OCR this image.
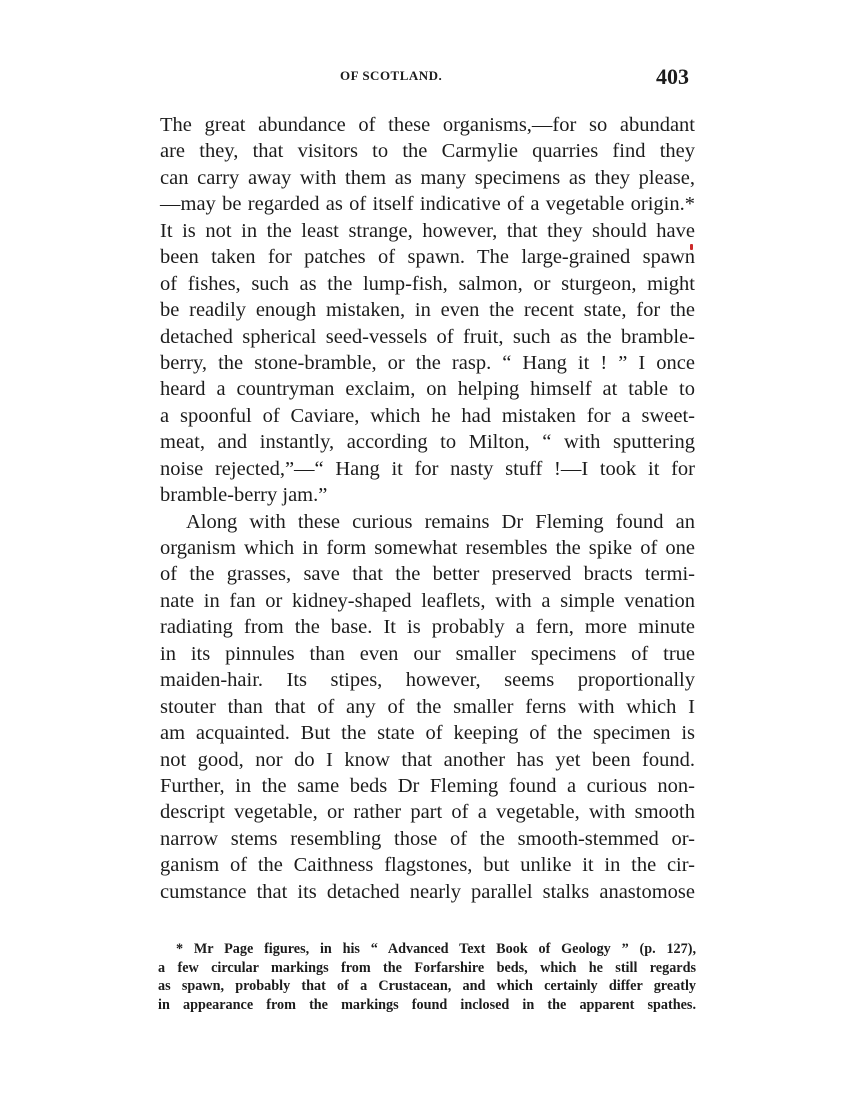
OF SCOTLAND.	403
The great abundance of these organisms,—for so abundant
are they, that visitors to the Carmylie quarries find they
can carry away with them as many specimens as they please,
—may be regarded as of itself indicative of a vegetable origin.*
It is not in the least strange, however, that they should have
been taken for patches of spawn. The large-grained spawn
of fishes, such as the lump-fish, salmon, or sturgeon, might
be readily enough mistaken, in even the recent state, for the
detached spherical seed-vessels of fruit, such as the bramble-
berry, the stone-bramble, or the rasp. “ Hang it ! ” I once
heard a countryman exclaim, on helping himself at table to
a spoonful of Caviare, which he had mistaken for a sweet-
meat, and instantly, according to Milton, “ with sputtering
noise rejected,”—“ Hang it for nasty stuff !—I took it for
bramble-berry jam.”
Along with these curious remains Dr Fleming found an
organism which in form somewhat resembles the spike of one
of the grasses, save that the better preserved bracts termi-
nate in fan or kidney-shaped leaflets, with a simple venation
radiating from the base. It is probably a fern, more minute
in its pinnules than even our smaller specimens of true
maiden-hair. Its stipes, however, seems proportionally
stouter than that of any of the smaller ferns with which I
am acquainted. But the state of keeping of the specimen is
not good, nor do I know that another has yet been found.
Further, in the same beds Dr Fleming found a curious non-
descript vegetable, or rather part of a vegetable, with smooth
narrow stems resembling those of the smooth-stemmed or-
ganism of the Caithness flagstones, but unlike it in the cir-
cumstance that its detached nearly parallel stalks anastomose
* Mr Page figures, in his “ Advanced Text Book of Geology ” (p. 127),
a few circular markings from the Forfarshire beds, which he still regards
as spawn, probably that of a Crustacean, and which certainly differ greatly
in appearance from the markings found inclosed in the apparent spathes.
